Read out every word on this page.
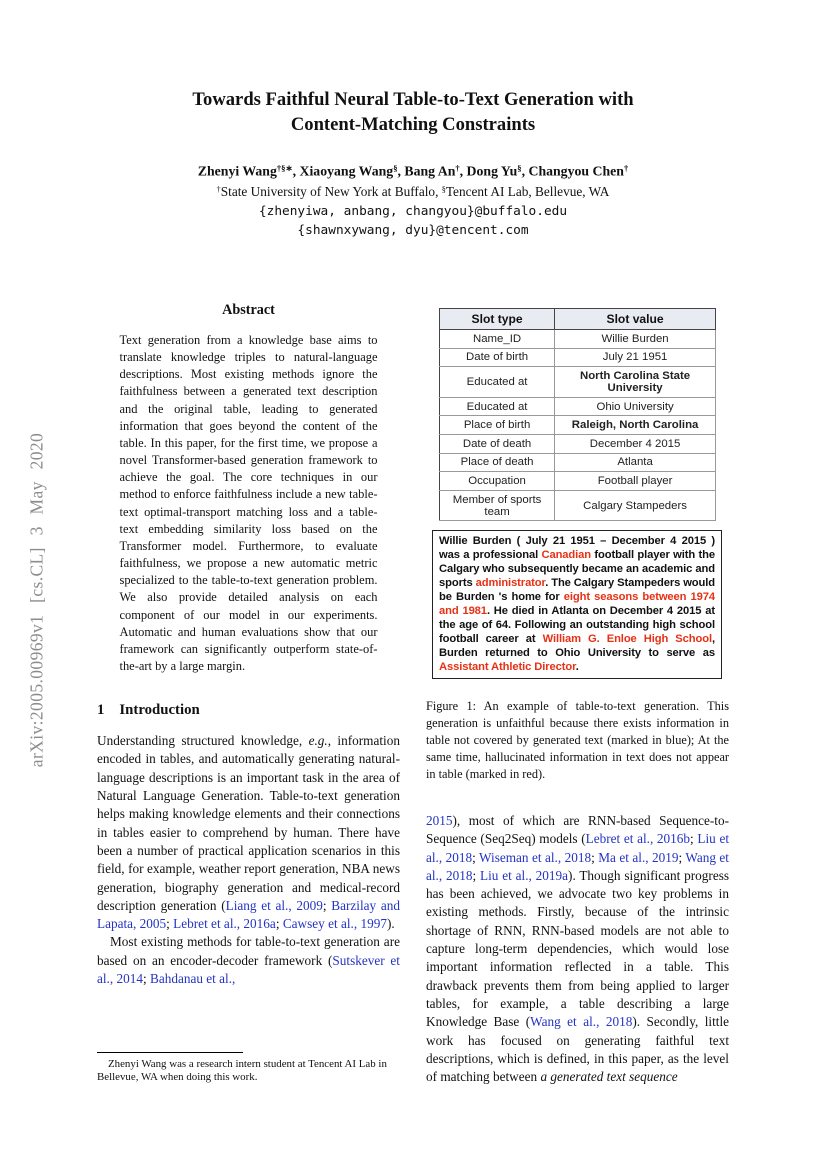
arXiv:2005.00969v1 [cs.CL] 3 May 2020
Towards Faithful Neural Table-to-Text Generation with
Content-Matching Constraints
Zhenyi Wang†§∗, Xiaoyang Wang§, Bang An†, Dong Yu§, Changyou Chen†
†State University of New York at Buffalo, §Tencent AI Lab, Bellevue, WA
{zhenyiwa, anbang, changyou}@buffalo.edu
{shawnxywang, dyu}@tencent.com
Abstract

Text generation from a knowledge base aims to translate knowledge triples to natural-language descriptions. Most existing methods ignore the faithfulness between a generated text description and the original table, leading to generated information that goes beyond the content of the table. In this paper, for the first time, we propose a novel Transformer-based generation framework to achieve the goal. The core techniques in our method to enforce faithfulness include a new table-text optimal-transport matching loss and a table-text embedding similarity loss based on the Transformer model. Furthermore, to evaluate faithfulness, we propose a new automatic metric specialized to the table-to-text generation problem. We also provide detailed analysis on each component of our model in our experiments. Automatic and human evaluations show that our framework can significantly outperform state-of-the-art by a large margin.

1 Introduction

Understanding structured knowledge, e.g., information encoded in tables, and automatically generating natural-language descriptions is an important task in the area of Natural Language Generation. Table-to-text generation helps making knowledge elements and their connections in tables easier to comprehend by human. There have been a number of practical application scenarios in this field, for example, weather report generation, NBA news generation, biography generation and medical-record description generation (Liang et al., 2009; Barzilay and Lapata, 2005; Lebret et al., 2016a; Cawsey et al., 1997).

Most existing methods for table-to-text generation are based on an encoder-decoder framework (Sutskever et al., 2014; Bahdanau et al.,

Zhenyi Wang was a research intern student at Tencent AI Lab in Bellevue, WA when doing this work.

Slot type	Slot value
Name_ID	Willie Burden
Date of birth	July 21 1951
Educated at	North Carolina State University
Educated at	Ohio University
Place of birth	Raleigh, North Carolina
Date of death	December 4 2015
Place of death	Atlanta
Occupation	Football player
Member of sports team	Calgary Stampeders
Willie Burden ( July 21 1951 – December 4 2015 ) was a professional Canadian football player with the Calgary who subsequently became an academic and sports administrator. The Calgary Stampeders would be Burden 's home for eight seasons between 1974 and 1981. He died in Atlanta on December 4 2015 at the age of 64. Following an outstanding high school football career at William G. Enloe High School, Burden returned to Ohio University to serve as Assistant Athletic Director.

Figure 1: An example of table-to-text generation. This generation is unfaithful because there exists information in table not covered by generated text (marked in blue); At the same time, hallucinated information in text does not appear in table (marked in red).

2015), most of which are RNN-based Sequence-to-Sequence (Seq2Seq) models (Lebret et al., 2016b; Liu et al., 2018; Wiseman et al., 2018; Ma et al., 2019; Wang et al., 2018; Liu et al., 2019a). Though significant progress has been achieved, we advocate two key problems in existing methods. Firstly, because of the intrinsic shortage of RNN, RNN-based models are not able to capture long-term dependencies, which would lose important information reflected in a table. This drawback prevents them from being applied to larger tables, for example, a table describing a large Knowledge Base (Wang et al., 2018). Secondly, little work has focused on generating faithful text descriptions, which is defined, in this paper, as the level of matching between a generated text sequence
